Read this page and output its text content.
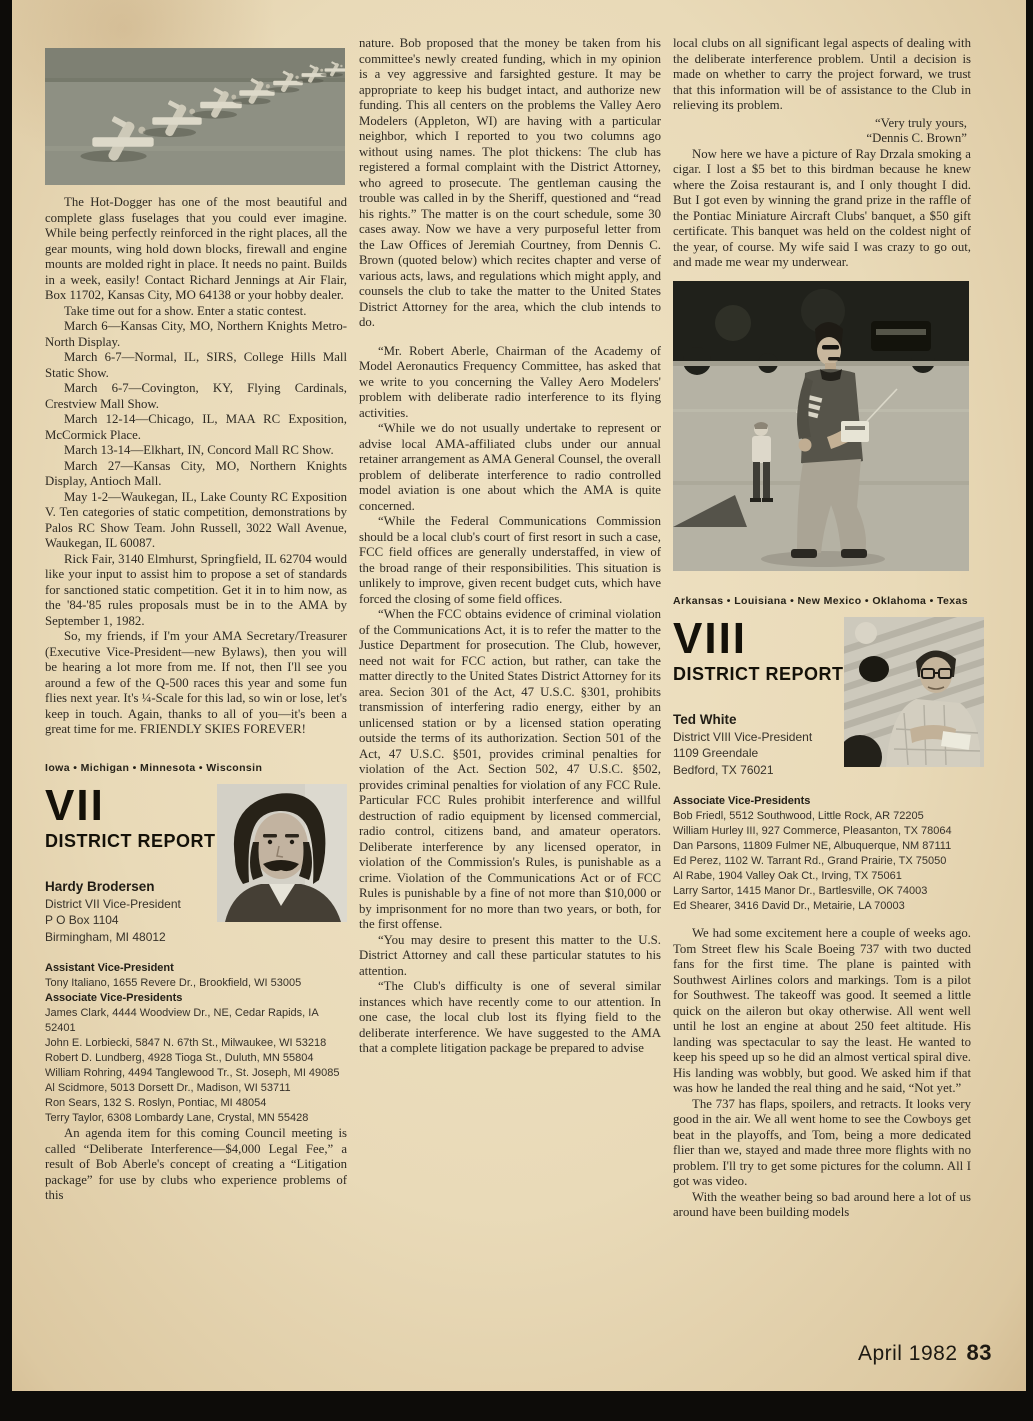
The Hot-Dogger has one of the most beautiful and complete glass fuselages that you could ever imagine. While being perfectly reinforced in the right places, all the gear mounts, wing hold down blocks, firewall and engine mounts are molded right in place. It needs no paint. Builds in a week, easily! Contact Richard Jennings at Air Flair, Box 11702, Kansas City, MO 64138 or your hobby dealer.

Take time out for a show. Enter a static contest.

March 6—Kansas City, MO, Northern Knights Metro-North Display.

March 6-7—Normal, IL, SIRS, College Hills Mall Static Show.

March 6-7—Covington, KY, Flying Cardinals, Crestview Mall Show.

March 12-14—Chicago, IL, MAA RC Exposition, McCormick Place.

March 13-14—Elkhart, IN, Concord Mall RC Show.

March 27—Kansas City, MO, Northern Knights Display, Antioch Mall.

May 1-2—Waukegan, IL, Lake County RC Exposition V. Ten categories of static competition, demonstrations by Palos RC Show Team. John Russell, 3022 Wall Avenue, Waukegan, IL 60087.

Rick Fair, 3140 Elmhurst, Springfield, IL 62704 would like your input to assist him to propose a set of standards for sanctioned static competition. Get it in to him now, as the '84-'85 rules proposals must be in to the AMA by September 1, 1982.

So, my friends, if I'm your AMA Secretary/Treasurer (Executive Vice-President—new Bylaws), then you will be hearing a lot more from me. If not, then I'll see you around a few of the Q-500 races this year and some fun flies next year. It's ¼-Scale for this lad, so win or lose, let's keep in touch. Again, thanks to all of you—it's been a great time for me. FRIENDLY SKIES FOREVER!

Iowa • Michigan • Minnesota • Wisconsin
VII
DISTRICT REPORT
Hardy Brodersen
District VII Vice-President
P O Box 1104
Birmingham, MI 48012
Assistant Vice-President
Tony Italiano, 1655 Revere Dr., Brookfield, WI 53005
Associate Vice-Presidents
James Clark, 4444 Woodview Dr., NE, Cedar Rapids, IA 52401
John E. Lorbiecki, 5847 N. 67th St., Milwaukee, WI 53218
Robert D. Lundberg, 4928 Tioga St., Duluth, MN 55804
William Rohring, 4494 Tanglewood Tr., St. Joseph, MI 49085
Al Scidmore, 5013 Dorsett Dr., Madison, WI 53711
Ron Sears, 132 S. Roslyn, Pontiac, MI 48054
Terry Taylor, 6308 Lombardy Lane, Crystal, MN 55428

An agenda item for this coming Council meeting is called “Deliberate Interference—$4,000 Legal Fee,” a result of Bob Aberle's concept of creating a “Litigation package” for use by clubs who experience problems of this

nature. Bob proposed that the money be taken from his committee's newly created funding, which in my opinion is a vey aggressive and farsighted gesture. It may be appropriate to keep his budget intact, and authorize new funding. This all centers on the problems the Valley Aero Modelers (Appleton, WI) are having with a particular neighbor, which I reported to you two columns ago without using names. The plot thickens: The club has registered a formal complaint with the District Attorney, who agreed to prosecute. The gentleman causing the trouble was called in by the Sheriff, questioned and “read his rights.” The matter is on the court schedule, some 30 cases away. Now we have a very purposeful letter from the Law Offices of Jeremiah Courtney, from Dennis C. Brown (quoted below) which recites chapter and verse of various acts, laws, and regulations which might apply, and counsels the club to take the matter to the United States District Attorney for the area, which the club intends to do.

“Mr. Robert Aberle, Chairman of the Academy of Model Aeronautics Frequency Committee, has asked that we write to you concerning the Valley Aero Modelers' problem with deliberate radio interference to its flying activities.

“While we do not usually undertake to represent or advise local AMA-affiliated clubs under our annual retainer arrangement as AMA General Counsel, the overall problem of deliberate interference to radio controlled model aviation is one about which the AMA is quite concerned.

“While the Federal Communications Commission should be a local club's court of first resort in such a case, FCC field offices are generally understaffed, in view of the broad range of their responsibilities. This situation is unlikely to improve, given recent budget cuts, which have forced the closing of some field offices.

“When the FCC obtains evidence of criminal violation of the Communications Act, it is to refer the matter to the Justice Department for prosecution. The Club, however, need not wait for FCC action, but rather, can take the matter directly to the United States District Attorney for its area. Secion 301 of the Act, 47 U.S.C. §301, prohibits transmission of interfering radio energy, either by an unlicensed station or by a licensed station operating outside the terms of its authorization. Section 501 of the Act, 47 U.S.C. §501, provides criminal penalties for violation of the Act. Section 502, 47 U.S.C. §502, provides criminal penalties for violation of any FCC Rule. Particular FCC Rules prohibit interference and willful destruction of radio equipment by licensed commercial, radio control, citizens band, and amateur operators. Deliberate interference by any licensed operator, in violation of the Commission's Rules, is punishable as a crime. Violation of the Communications Act or of FCC Rules is punishable by a fine of not more than $10,000 or by imprisonment for no more than two years, or both, for the first offense.

“You may desire to present this matter to the U.S. District Attorney and call these particular statutes to his attention.

“The Club's difficulty is one of several similar instances which have recently come to our attention. In one case, the local club lost its flying field to the deliberate interference. We have suggested to the AMA that a complete litigation package be prepared to advise

local clubs on all significant legal aspects of dealing with the deliberate interference problem. Until a decision is made on whether to carry the project forward, we trust that this information will be of assistance to the Club in relieving its problem.

“Very truly yours,
“Dennis C. Brown”

Now here we have a picture of Ray Drzala smoking a cigar. I lost a $5 bet to this birdman because he knew where the Zoisa restaurant is, and I only thought I did. But I got even by winning the grand prize in the raffle of the Pontiac Miniature Aircraft Clubs' banquet, a $50 gift certificate. This banquet was held on the coldest night of the year, of course. My wife said I was crazy to go out, and made me wear my underwear.

Arkansas • Louisiana • New Mexico • Oklahoma • Texas
VIII
DISTRICT REPORT
Ted White
District VIII Vice-President
1109 Greendale
Bedford, TX 76021
Associate Vice-Presidents
Bob Friedl, 5512 Southwood, Little Rock, AR 72205
William Hurley III, 927 Commerce, Pleasanton, TX 78064
Dan Parsons, 11809 Fulmer NE, Albuquerque, NM 87111
Ed Perez, 1102 W. Tarrant Rd., Grand Prairie, TX 75050
Al Rabe, 1904 Valley Oak Ct., Irving, TX 75061
Larry Sartor, 1415 Manor Dr., Bartlesville, OK 74003
Ed Shearer, 3416 David Dr., Metairie, LA 70003

We had some excitement here a couple of weeks ago. Tom Street flew his Scale Boeing 737 with two ducted fans for the first time. The plane is painted with Southwest Airlines colors and markings. Tom is a pilot for Southwest. The takeoff was good. It seemed a little quick on the aileron but okay otherwise. All went well until he lost an engine at about 250 feet altitude. His landing was spectacular to say the least. He wanted to keep his speed up so he did an almost vertical spiral dive. His landing was wobbly, but good. We asked him if that was how he landed the real thing and he said, “Not yet.”

The 737 has flaps, spoilers, and retracts. It looks very good in the air. We all went home to see the Cowboys get beat in the playoffs, and Tom, being a more dedicated flier than we, stayed and made three more flights with no problem. I'll try to get some pictures for the column. All I got was video.

With the weather being so bad around here a lot of us around have been building models

April 1982 83
